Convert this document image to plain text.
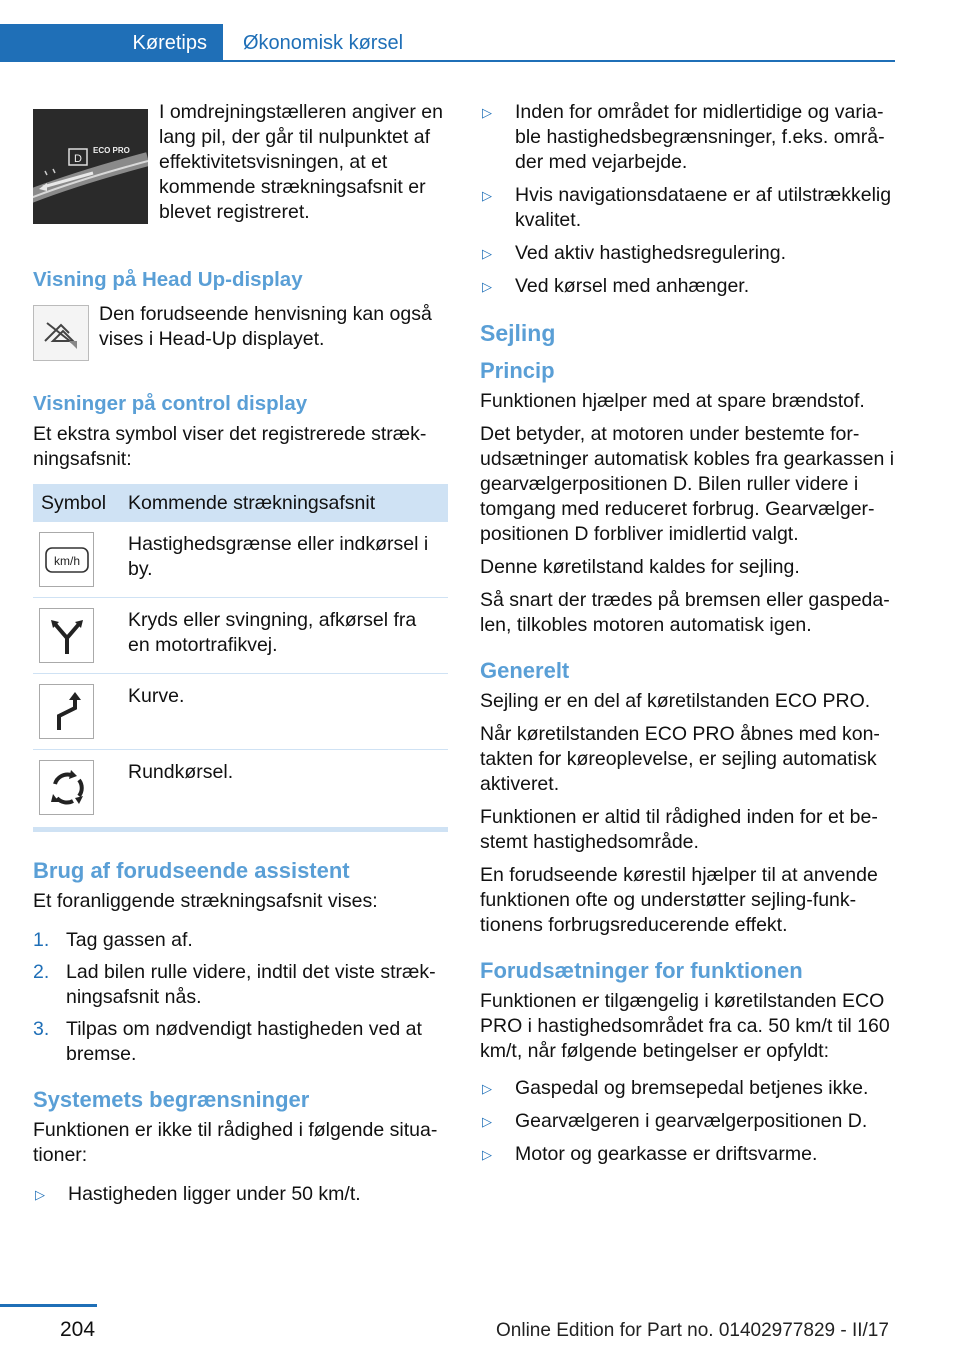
Køretips	Økonomisk kørsel
D
ECO PRO
I omdrejningstælleren angiver en lang pil, der går til nulpunktet af effektivitetsvisningen, at et kommende strækningsafsnit er blevet registreret.
Visning på Head Up-display
Den forudseende henvisning kan også vises i Head-Up displayet.
Visninger på control display

Et ekstra symbol viser det registrerede strækningsafsnit:

Symbol	Kommende strækningsafsnit

km/h	Hastighedsgrænse eller indkørsel i by.

	Kryds eller svingning, afkørsel fra en motortrafikvej.

	Kurve.

	Rundkørsel.
Brug af forudseende assistent

Et foranliggende strækningsafsnit vises:

1. Tag gassen af.
2. Lad bilen rulle videre, indtil det viste strækningsafsnit nås.
3. Tilpas om nødvendigt hastigheden ved at bremse.
Systemets begrænsninger

Funktionen er ikke til rådighed i følgende situationer:

▷	Hastigheden ligger under 50 km/t.
▷	Inden for området for midlertidige og variable hastighedsbegrænsninger, f.eks. områder med vejarbejde.
▷	Hvis navigationsdataene er af utilstrækkelig kvalitet.
▷	Ved aktiv hastighedsregulering.
▷	Ved kørsel med anhænger.
Sejling
Princip

Funktionen hjælper med at spare brændstof.

Det betyder, at motoren under bestemte forudsætninger automatisk kobles fra gearkassen i gearvælgerpositionen D. Bilen ruller videre i tomgang med reduceret forbrug. Gearvælgerpositionen D forbliver imidlertid valgt.

Denne køretilstand kaldes for sejling.

Så snart der trædes på bremsen eller gaspedalen, tilkobles motoren automatisk igen.

Generelt

Sejling er en del af køretilstanden ECO PRO.

Når køretilstanden ECO PRO åbnes med kontakten for køreoplevelse, er sejling automatisk aktiveret.

Funktionen er altid til rådighed inden for et bestemt hastighedsområde.

En forudseende kørestil hjælper til at anvende funktionen ofte og understøtter sejling-funktionens forbrugsreducerende effekt.

Forudsætninger for funktionen

Funktionen er tilgængelig i køretilstanden ECO PRO i hastighedsområdet fra ca. 50 km/t til 160 km/t, når følgende betingelser er opfyldt:

▷	Gaspedal og bremsepedal betjenes ikke.
▷	Gearvælgeren i gearvælgerpositionen D.
▷	Motor og gearkasse er driftsvarme.
204	Online Edition for Part no. 01402977829 - II/17
